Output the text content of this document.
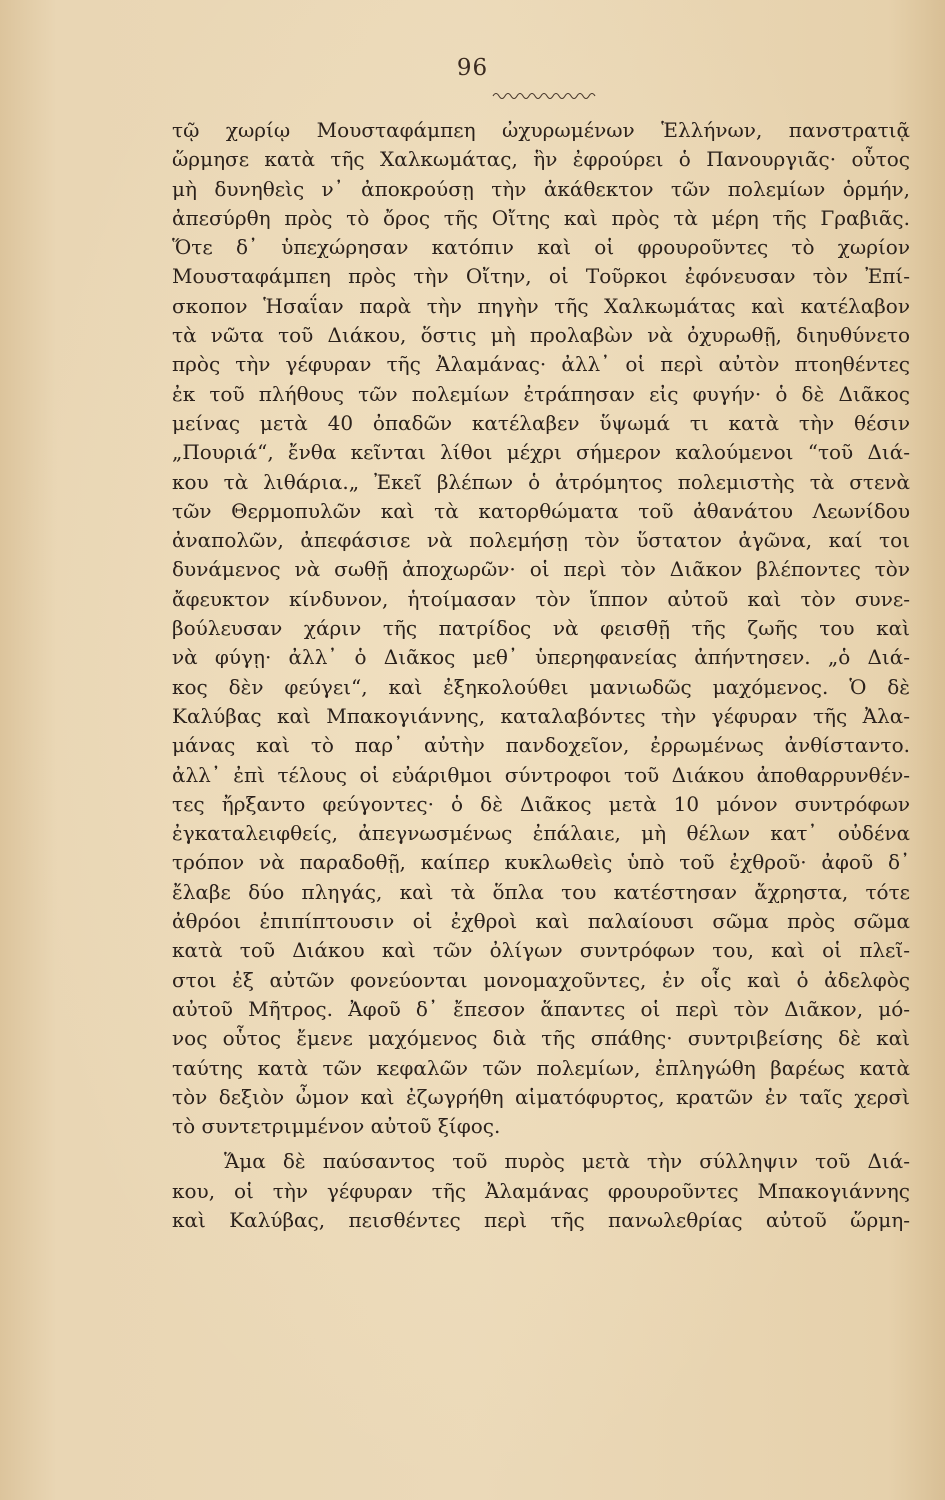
96
τῷ χωρίῳ Μουσταφάμπεη ὠχυρωμένων Ἑλλήνων, πανστρατιᾷ
ὥρμησε κατὰ τῆς Χαλκωμάτας, ἣν ἐφρούρει ὁ Πανουργιᾶς· οὗτος
μὴ δυνηθεὶς ν᾽ ἀποκρούσῃ τὴν ἀκάθεκτον τῶν πολεμίων ὁρμήν,
ἀπεσύρθη πρὸς τὸ ὄρος τῆς Οἴτης καὶ πρὸς τὰ μέρη τῆς Γραβιᾶς.
Ὅτε δ᾽ ὑπεχώρησαν κατόπιν καὶ οἱ φρουροῦντες τὸ χωρίον
Μουσταφάμπεη πρὸς τὴν Οἴτην, οἱ Τοῦρκοι ἐφόνευσαν τὸν Ἐπί-
σκοπον Ἡσαΐαν παρὰ τὴν πηγὴν τῆς Χαλκωμάτας καὶ κατέλαβον
τὰ νῶτα τοῦ Διάκου, ὅστις μὴ προλαβὼν νὰ ὀχυρωθῇ, διηυθύνετο
πρὸς τὴν γέφυραν τῆς Ἀλαμάνας· ἀλλ᾽ οἱ περὶ αὐτὸν πτοηθέντες
ἐκ τοῦ πλήθους τῶν πολεμίων ἐτράπησαν εἰς φυγήν· ὁ δὲ Διᾶκος
μείνας μετὰ 40 ὀπαδῶν κατέλαβεν ὕψωμά τι κατὰ τὴν θέσιν
„Πουριά“, ἔνθα κεῖνται λίθοι μέχρι σήμερον καλούμενοι “τοῦ Διά-
κου τὰ λιθάρια.„ Ἐκεῖ βλέπων ὁ ἀτρόμητος πολεμιστὴς τὰ στενὰ
τῶν Θερμοπυλῶν καὶ τὰ κατορθώματα τοῦ ἀθανάτου Λεωνίδου
ἀναπολῶν, ἀπεφάσισε νὰ πολεμήσῃ τὸν ὕστατον ἀγῶνα, καί τοι
δυνάμενος νὰ σωθῇ ἀποχωρῶν· οἱ περὶ τὸν Διᾶκον βλέποντες τὸν
ἄφευκτον κίνδυνον, ἡτοίμασαν τὸν ἵππον αὐτοῦ καὶ τὸν συνε-
βούλευσαν χάριν τῆς πατρίδος νὰ φεισθῇ τῆς ζωῆς του καὶ
νὰ φύγῃ· ἀλλ᾽ ὁ Διᾶκος μεθ᾽ ὑπερηφανείας ἀπήντησεν. „ὁ Διά-
κος δὲν φεύγει“, καὶ ἐξηκολούθει μανιωδῶς μαχόμενος. Ὁ δὲ
Καλύβας καὶ Μπακογιάννης, καταλαβόντες τὴν γέφυραν τῆς Ἀλα-
μάνας καὶ τὸ παρ᾽ αὐτὴν πανδοχεῖον, ἐρρωμένως ἀνθίσταντο.
ἀλλ᾽ ἐπὶ τέλους οἱ εὐάριθμοι σύντροφοι τοῦ Διάκου ἀποθαρρυνθέν-
τες ἤρξαντο φεύγοντες· ὁ δὲ Διᾶκος μετὰ 10 μόνον συντρόφων
ἐγκαταλειφθείς, ἀπεγνωσμένως ἐπάλαιε, μὴ θέλων κατ᾽ οὐδένα
τρόπον νὰ παραδοθῇ, καίπερ κυκλωθεὶς ὑπὸ τοῦ ἐχθροῦ· ἀφοῦ δ᾽
ἔλαβε δύο πληγάς, καὶ τὰ ὅπλα του κατέστησαν ἄχρηστα, τότε
ἀθρόοι ἐπιπίπτουσιν οἱ ἐχθροὶ καὶ παλαίουσι σῶμα πρὸς σῶμα
κατὰ τοῦ Διάκου καὶ τῶν ὀλίγων συντρόφων του, καὶ οἱ πλεῖ-
στοι ἐξ αὐτῶν φονεύονται μονομαχοῦντες, ἐν οἷς καὶ ὁ ἀδελφὸς
αὐτοῦ Μῆτρος. Ἀφοῦ δ᾽ ἔπεσον ἅπαντες οἱ περὶ τὸν Διᾶκον, μό-
νος οὗτος ἔμενε μαχόμενος διὰ τῆς σπάθης· συντριβείσης δὲ καὶ
ταύτης κατὰ τῶν κεφαλῶν τῶν πολεμίων, ἐπληγώθη βαρέως κατὰ
τὸν δεξιὸν ὦμον καὶ ἐζωγρήθη αἱματόφυρτος, κρατῶν ἐν ταῖς χερσὶ
τὸ συντετριμμένον αὐτοῦ ξίφος.
Ἅμα δὲ παύσαντος τοῦ πυρὸς μετὰ τὴν σύλληψιν τοῦ Διά-
κου, οἱ τὴν γέφυραν τῆς Ἀλαμάνας φρουροῦντες Μπακογιάννης
καὶ Καλύβας, πεισθέντες περὶ τῆς πανωλεθρίας αὐτοῦ ὥρμη-
